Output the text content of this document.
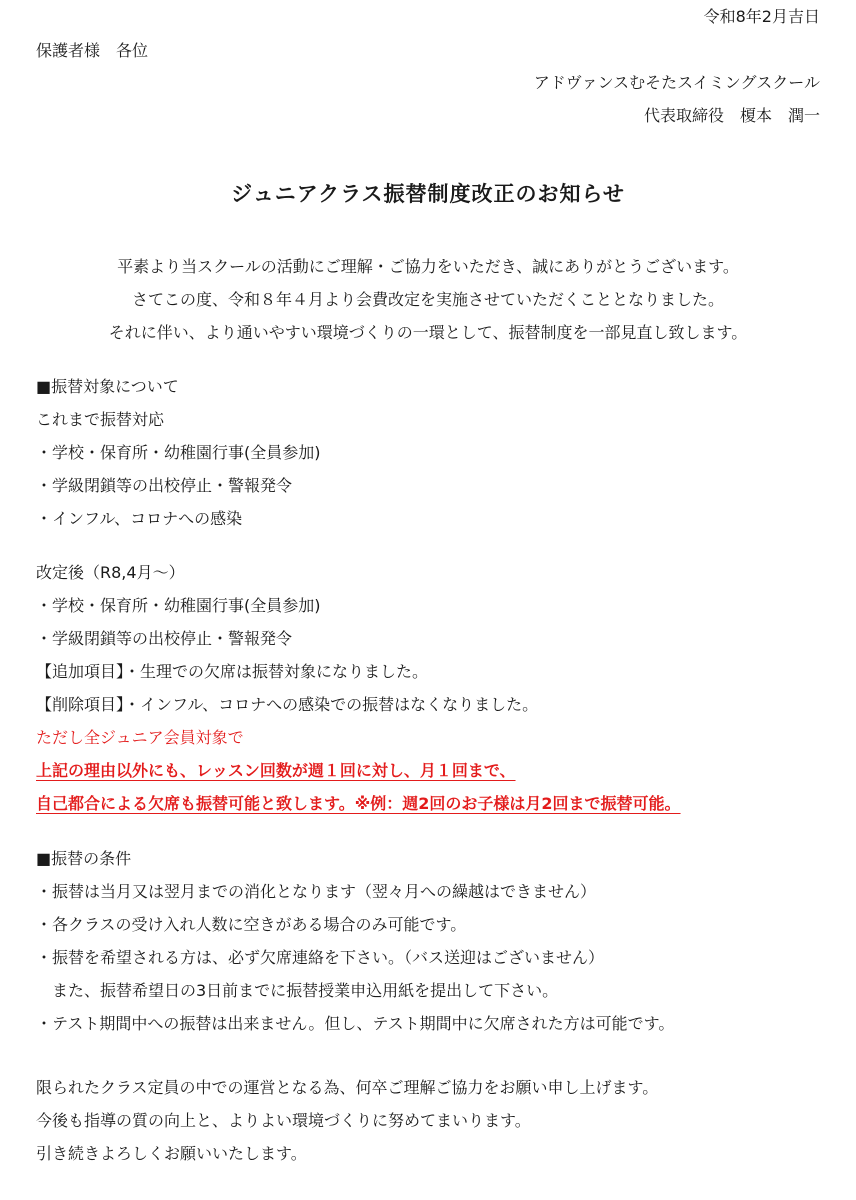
令和8年2月吉日
保護者様　各位
アドヴァンスむそたスイミングスクール
代表取締役　榎本　潤一
ジュニアクラス振替制度改正のお知らせ
平素より当スクールの活動にご理解・ご協力をいただき、誠にありがとうございます。
さてこの度、令和８年４月より会費改定を実施させていただくこととなりました。
それに伴い、より通いやすい環境づくりの一環として、振替制度を一部見直し致します。
■振替対象について
これまで振替対応
・学校・保育所・幼稚園行事(全員参加)
・学級閉鎖等の出校停止・警報発令
・インフル、コロナへの感染
改定後（R8,4月～）
・学校・保育所・幼稚園行事(全員参加)
・学級閉鎖等の出校停止・警報発令
【追加項目】・生理での欠席は振替対象になりました。
【削除項目】・インフル、コロナへの感染での振替はなくなりました。
ただし全ジュニア会員対象で
上記の理由以外にも、レッスン回数が週１回に対し、月１回まで、
自己都合による欠席も振替可能と致します。※例：週2回のお子様は月2回まで振替可能。
■振替の条件
・振替は当月又は翌月までの消化となります（翌々月への繰越はできません）
・各クラスの受け入れ人数に空きがある場合のみ可能です。
・振替を希望される方は、必ず欠席連絡を下さい。（バス送迎はございません）
　また、振替希望日の3日前までに振替授業申込用紙を提出して下さい。
・テスト期間中への振替は出来ません。但し、テスト期間中に欠席された方は可能です。
限られたクラス定員の中での運営となる為、何卒ご理解ご協力をお願い申し上げます。
今後も指導の質の向上と、よりよい環境づくりに努めてまいります。
引き続きよろしくお願いいたします。
